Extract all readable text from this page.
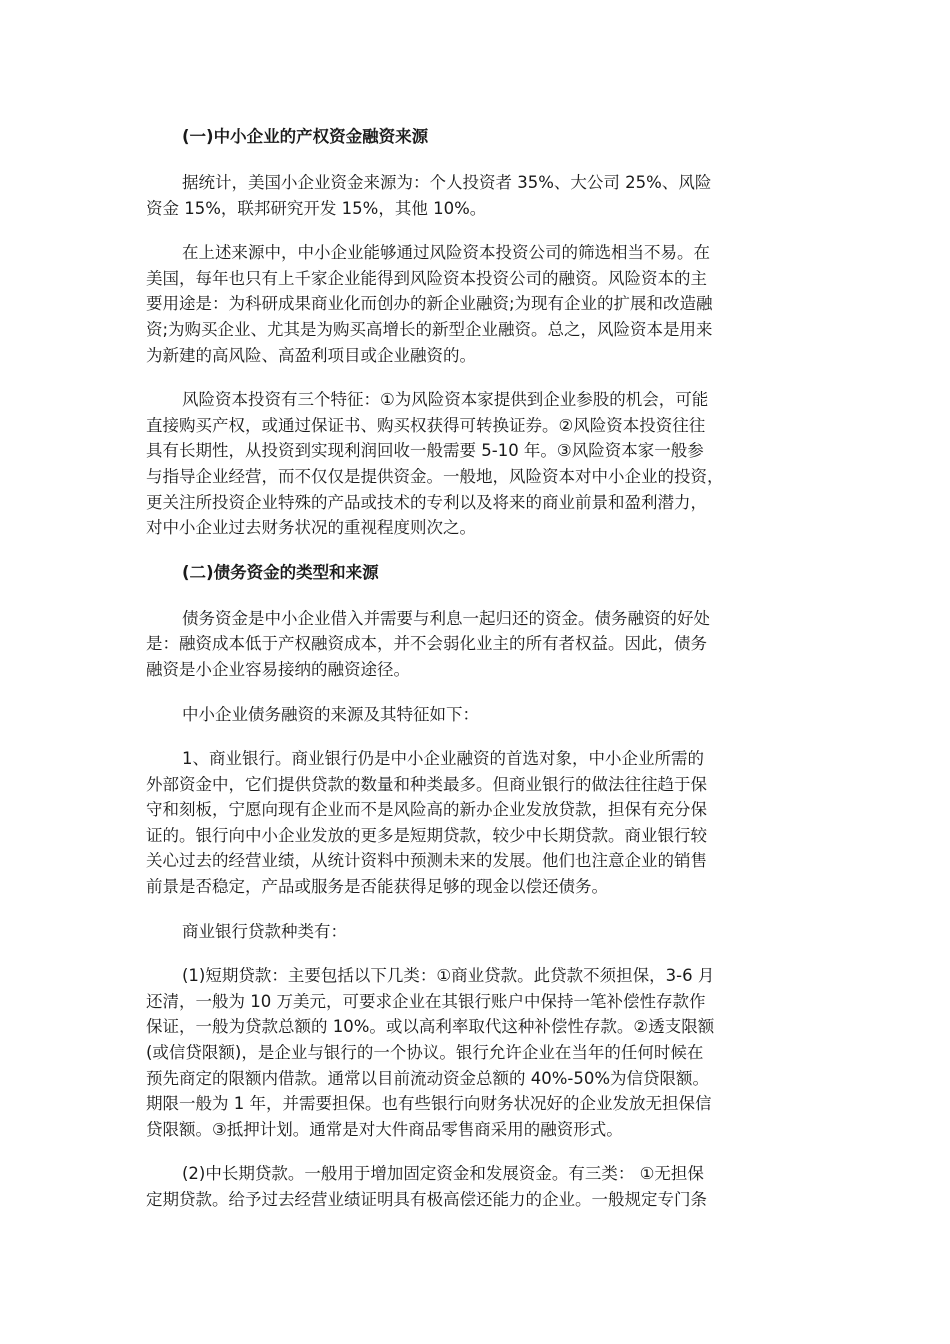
(一)中小企业的产权资金融资来源
据统计，美国小企业资金来源为：个人投资者 35%、大公司 25%、风险
资金 15%，联邦研究开发 15%，其他 10%。
在上述来源中，中小企业能够通过风险资本投资公司的筛选相当不易。在
美国，每年也只有上千家企业能得到风险资本投资公司的融资。风险资本的主
要用途是：为科研成果商业化而创办的新企业融资;为现有企业的扩展和改造融
资;为购买企业、尤其是为购买高增长的新型企业融资。总之，风险资本是用来
为新建的高风险、高盈利项目或企业融资的。
风险资本投资有三个特征：①为风险资本家提供到企业参股的机会，可能
直接购买产权，或通过保证书、购买权获得可转换证券。②风险资本投资往往
具有长期性，从投资到实现利润回收一般需要 5-10 年。③风险资本家一般参
与指导企业经营，而不仅仅是提供资金。一般地，风险资本对中小企业的投资，
更关注所投资企业特殊的产品或技术的专利以及将来的商业前景和盈利潜力，
对中小企业过去财务状况的重视程度则次之。
(二)债务资金的类型和来源
债务资金是中小企业借入并需要与利息一起归还的资金。债务融资的好处
是：融资成本低于产权融资成本，并不会弱化业主的所有者权益。因此，债务
融资是小企业容易接纳的融资途径。
中小企业债务融资的来源及其特征如下：
1、商业银行。商业银行仍是中小企业融资的首选对象，中小企业所需的
外部资金中，它们提供贷款的数量和种类最多。但商业银行的做法往往趋于保
守和刻板，宁愿向现有企业而不是风险高的新办企业发放贷款，担保有充分保
证的。银行向中小企业发放的更多是短期贷款，较少中长期贷款。商业银行较
关心过去的经营业绩，从统计资料中预测未来的发展。他们也注意企业的销售
前景是否稳定，产品或服务是否能获得足够的现金以偿还债务。
商业银行贷款种类有：
(1)短期贷款：主要包括以下几类：①商业贷款。此贷款不须担保，3-6 月
还清，一般为 10 万美元，可要求企业在其银行账户中保持一笔补偿性存款作
保证，一般为贷款总额的 10%。或以高利率取代这种补偿性存款。②透支限额
(或信贷限额)，是企业与银行的一个协议。银行允许企业在当年的任何时候在
预先商定的限额内借款。通常以目前流动资金总额的 40%-50%为信贷限额。
期限一般为 1 年，并需要担保。也有些银行向财务状况好的企业发放无担保信
贷限额。③抵押计划。通常是对大件商品零售商采用的融资形式。
(2)中长期贷款。一般用于增加固定资金和发展资金。有三类： ①无担保
定期贷款。给予过去经营业绩证明具有极高偿还能力的企业。一般规定专门条
